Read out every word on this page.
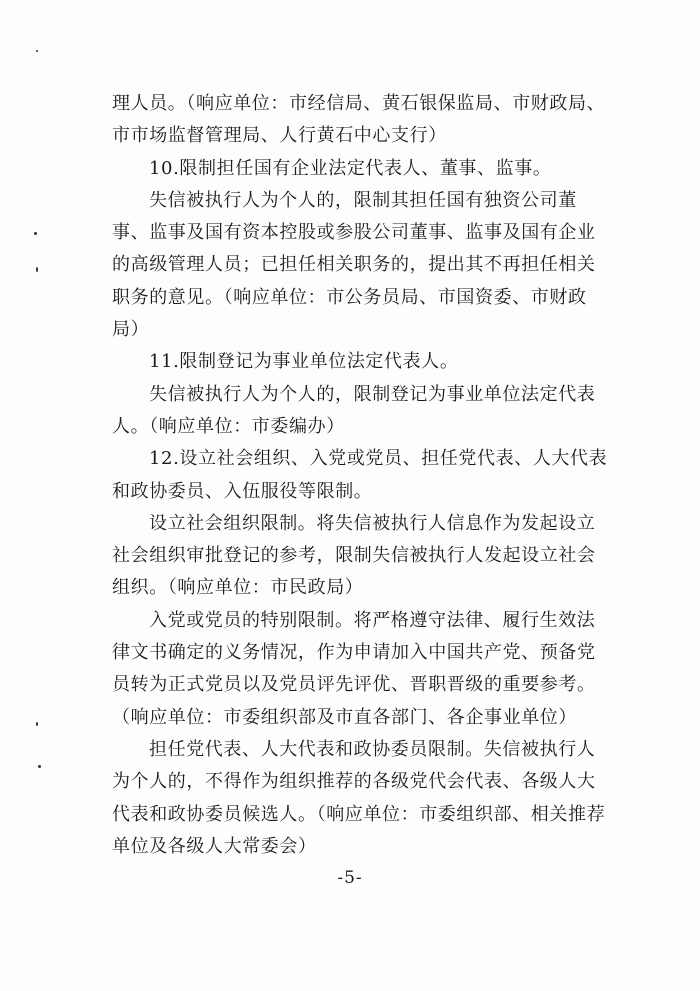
理人员。（响应单位：市经信局、黄石银保监局、市财政局、市市场监督管理局、人行黄石中心支行）

10.限制担任国有企业法定代表人、董事、监事。

失信被执行人为个人的，限制其担任国有独资公司董事、监事及国有资本控股或参股公司董事、监事及国有企业的高级管理人员；已担任相关职务的，提出其不再担任相关职务的意见。（响应单位：市公务员局、市国资委、市财政局）

11.限制登记为事业单位法定代表人。

失信被执行人为个人的，限制登记为事业单位法定代表人。（响应单位：市委编办）

12.设立社会组织、入党或党员、担任党代表、人大代表和政协委员、入伍服役等限制。

设立社会组织限制。将失信被执行人信息作为发起设立社会组织审批登记的参考，限制失信被执行人发起设立社会组织。（响应单位：市民政局）

入党或党员的特别限制。将严格遵守法律、履行生效法律文书确定的义务情况，作为申请加入中国共产党、预备党员转为正式党员以及党员评先评优、晋职晋级的重要参考。（响应单位：市委组织部及市直各部门、各企事业单位）

担任党代表、人大代表和政协委员限制。失信被执行人为个人的，不得作为组织推荐的各级党代会代表、各级人大代表和政协委员候选人。（响应单位：市委组织部、相关推荐单位及各级人大常委会）

-5-
